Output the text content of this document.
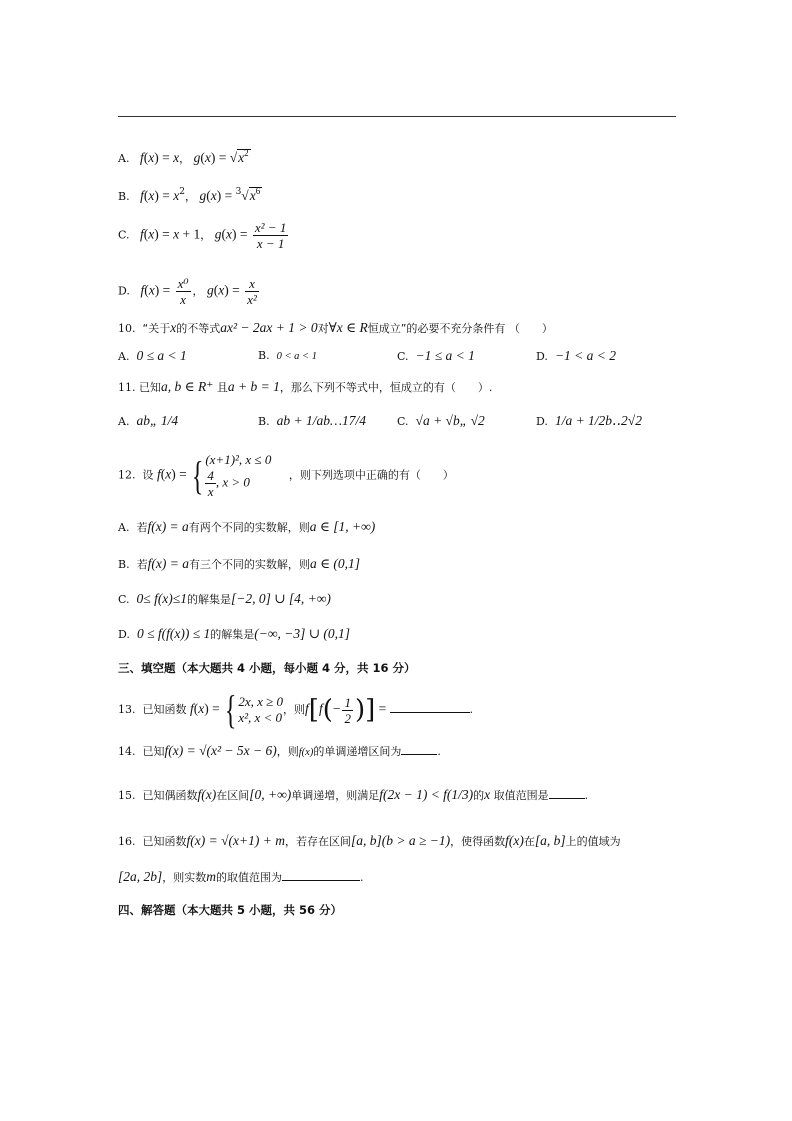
A. f(x) = x， $g(x) = √x^2$
B. $f(x) = x^2$， $g(x) = ^3√x^6$
C. f(x) = x + 1， $g(x) = \frac{\text{x² − 1}}{x - 1}$
D. $f(x) = \frac{\text{x⁰}}{x}$ ， $g(x) = \frac{x}{\text{x²}}$
10. “关于x的不等式ax² − 2ax + 1 > 0对∀x ∈ R恒成立”的必要不充分条件有 （　　）
A. 0 ≤ a < 1	B. 0 < a < 1	C. −1 ≤ a < 1	D. −1 < a < 2
11. 已知a, b ∈ R⁺ 且a + b = 1，那么下列不等式中，恒成立的有（　　）.
A. ab„ 1/4	B. ab + 1/ab…17/4	C. √a + √b„ √2	D. 1/a + 1/2b‥2√2
12. 设 f(x) = { (x+1)², x ≤ 0
$\frac{4}{x}$ , x > 0	，则下列选项中正确的有（　　）
A. 若f(x) = a有两个不同的实数解，则a ∈ [1, +∞)
B. 若f(x) = a有三个不同的实数解，则a ∈ (0,1]
C. 0≤ f(x)≤1的解集是[−2, 0] ∪ [4, +∞)
D. 0 ≤ f(f(x)) ≤ 1的解集是(−∞, −3] ∪ (0,1]
三、填空题（本大题共 4 小题，每小题 4 分，共 16 分）
13. 已知函数 f(x) = { 2x, x ≥ 0
x², x < 0
，则$f[f(- \frac{1}{2}$ )] =	.
14. 已知f(x) = √(x² − 5x − 6)，则f(x)的单调递增区间为	.
15. 已知偶函数f(x)在区间[0, +∞)单调递增，则满足f(2x − 1) < f(1/3)的x 取值范围是	.
16. 已知函数f(x) = √(x+1) + m，若存在区间[a, b](b > a ≥ −1)，使得函数f(x)在[a, b]上的值域为
[2a, 2b]，则实数m的取值范围为	.
四、解答题（本大题共 5 小题，共 56 分）
